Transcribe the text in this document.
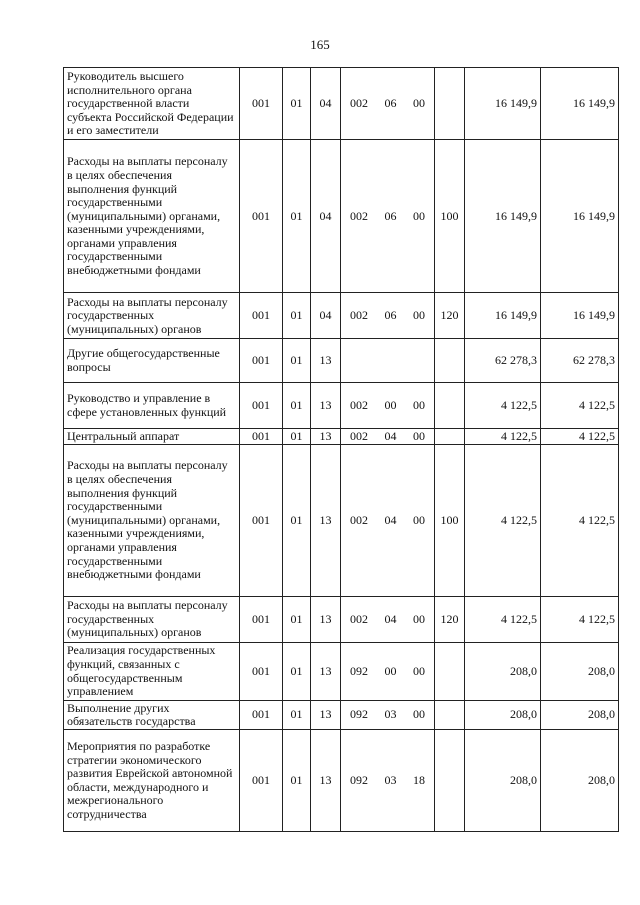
165
Руководитель высшего исполнительного органа государственной власти субъекта Российской Федерации и его заместители	001	01	04	002 06 00		16 149,9	16 149,9
Расходы на выплаты персоналу в целях обеспечения выполнения функций государственными (муниципальными) органами, казенными учреждениями, органами управления государственными внебюджетными фондами	001	01	04	002 06 00	100	16 149,9	16 149,9
Расходы на выплаты персоналу государственных (муниципальных) органов	001	01	04	002 06 00	120	16 149,9	16 149,9
Другие общегосударственные вопросы	001	01	13			62 278,3	62 278,3
Руководство и управление в сфере установленных функций	001	01	13	002 00 00		4 122,5	4 122,5
Центральный аппарат	001	01	13	002 04 00		4 122,5	4 122,5
Расходы на выплаты персоналу в целях обеспечения выполнения функций государственными (муниципальными) органами, казенными учреждениями, органами управления государственными внебюджетными фондами	001	01	13	002 04 00	100	4 122,5	4 122,5
Расходы на выплаты персоналу государственных (муниципальных) органов	001	01	13	002 04 00	120	4 122,5	4 122,5
Реализация государственных функций, связанных с общегосударственным управлением	001	01	13	092 00 00		208,0	208,0
Выполнение других обязательств государства	001	01	13	092 03 00		208,0	208,0
Мероприятия по разработке стратегии экономического развития Еврейской автономной области, международного и межрегионального сотрудничества	001	01	13	092 03 18		208,0	208,0
